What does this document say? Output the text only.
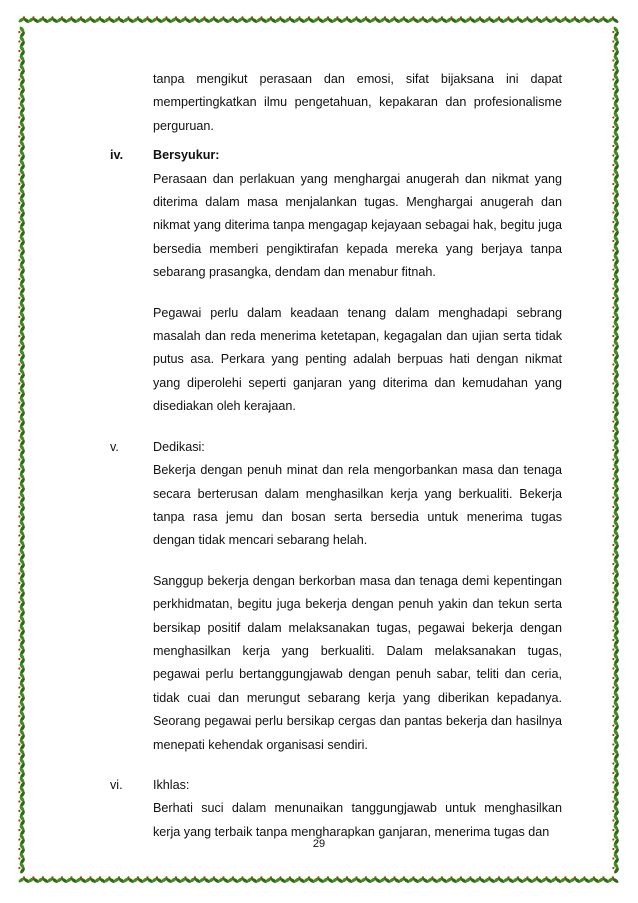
tanpa mengikut perasaan dan emosi, sifat bijaksana ini dapat mempertingkatkan ilmu pengetahuan, kepakaran dan profesionalisme perguruan.

iv.	Bersyukur:

Perasaan dan perlakuan yang menghargai anugerah dan nikmat yang diterima dalam masa menjalankan tugas. Menghargai anugerah dan nikmat yang diterima tanpa mengagap kejayaan sebagai hak, begitu juga bersedia memberi pengiktirafan kepada mereka yang berjaya tanpa sebarang prasangka, dendam dan menabur fitnah.

Pegawai perlu dalam keadaan tenang dalam menghadapi sebrang masalah dan reda menerima ketetapan, kegagalan dan ujian serta tidak putus asa. Perkara yang penting adalah berpuas hati dengan nikmat yang diperolehi seperti ganjaran yang diterima dan kemudahan yang disediakan oleh kerajaan.

v.	Dedikasi:

Bekerja dengan penuh minat dan rela mengorbankan masa dan tenaga secara berterusan dalam menghasilkan kerja yang berkualiti. Bekerja tanpa rasa jemu dan bosan serta bersedia untuk menerima tugas dengan tidak mencari sebarang helah.

Sanggup bekerja dengan berkorban masa dan tenaga demi kepentingan perkhidmatan, begitu juga bekerja dengan penuh yakin dan tekun serta bersikap positif dalam melaksanakan tugas, pegawai bekerja dengan menghasilkan kerja yang berkualiti. Dalam melaksanakan tugas, pegawai perlu bertanggungjawab dengan penuh sabar, teliti dan ceria, tidak cuai dan merungut sebarang kerja yang diberikan kepadanya. Seorang pegawai perlu bersikap cergas dan pantas bekerja dan hasilnya menepati kehendak organisasi sendiri.

vi.	Ikhlas:

Berhati suci dalam menunaikan tanggungjawab untuk menghasilkan kerja yang terbaik tanpa mengharapkan ganjaran, menerima tugas dan

29
